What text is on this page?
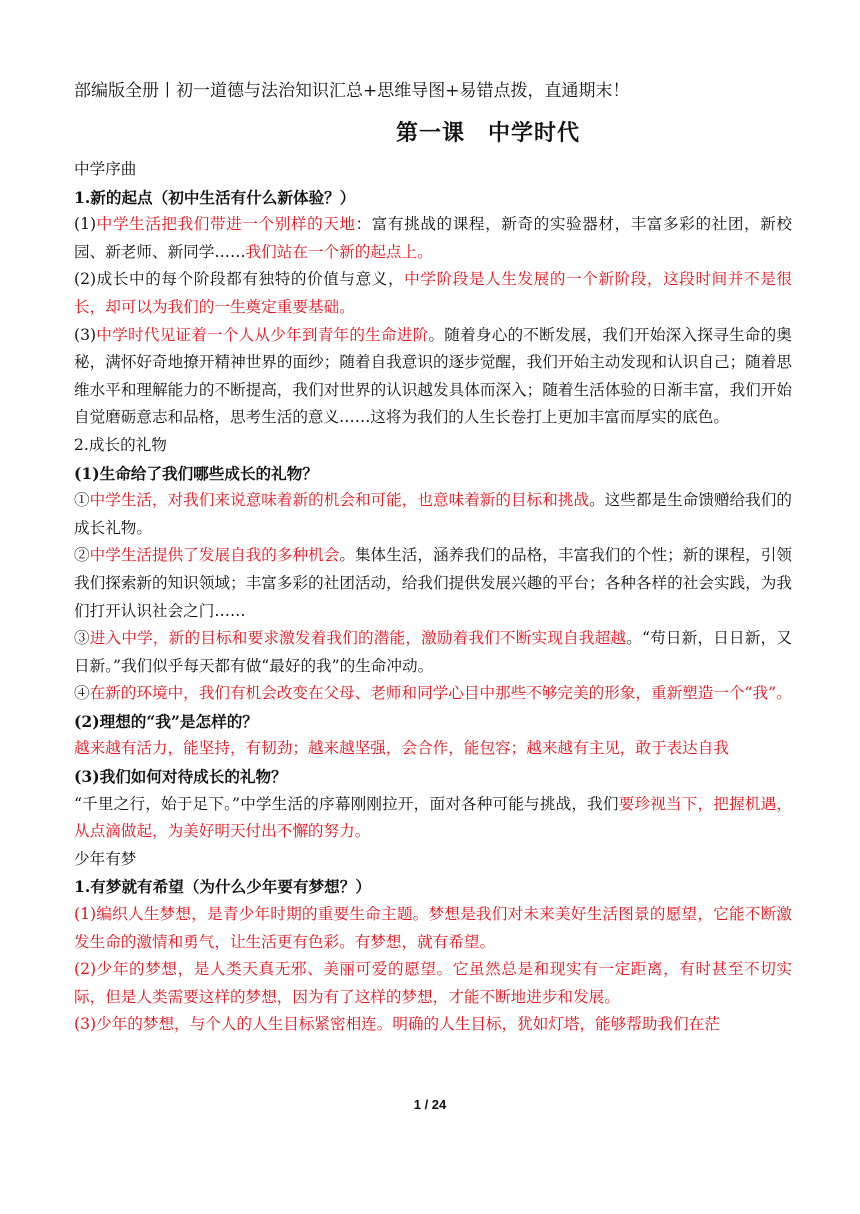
部编版全册丨初一道德与法治知识汇总+思维导图+易错点拨，直通期末！

第一课　中学时代

中学序曲

1.新的起点（初中生活有什么新体验？）

(1)中学生活把我们带进一个别样的天地：富有挑战的课程，新奇的实验器材，丰富多彩的社团，新校园、新老师、新同学……我们站在一个新的起点上。

(2)成长中的每个阶段都有独特的价值与意义，中学阶段是人生发展的一个新阶段，这段时间并不是很长，却可以为我们的一生奠定重要基础。

(3)中学时代见证着一个人从少年到青年的生命进阶。随着身心的不断发展，我们开始深入探寻生命的奥秘，满怀好奇地撩开精神世界的面纱；随着自我意识的逐步觉醒，我们开始主动发现和认识自己；随着思维水平和理解能力的不断提高，我们对世界的认识越发具体而深入；随着生活体验的日渐丰富，我们开始自觉磨砺意志和品格，思考生活的意义……这将为我们的人生长卷打上更加丰富而厚实的底色。

2.成长的礼物

(1)生命给了我们哪些成长的礼物？

①中学生活，对我们来说意味着新的机会和可能，也意味着新的目标和挑战。这些都是生命馈赠给我们的成长礼物。

②中学生活提供了发展自我的多种机会。集体生活，涵养我们的品格，丰富我们的个性；新的课程，引领我们探索新的知识领域；丰富多彩的社团活动，给我们提供发展兴趣的平台；各种各样的社会实践，为我们打开认识社会之门……

③进入中学，新的目标和要求激发着我们的潜能，激励着我们不断实现自我超越。“苟日新，日日新，又日新。”我们似乎每天都有做“最好的我”的生命冲动。

④在新的环境中，我们有机会改变在父母、老师和同学心目中那些不够完美的形象，重新塑造一个“我”。

(2)理想的“我”是怎样的？

越来越有活力，能坚持，有韧劲；越来越坚强，会合作，能包容；越来越有主见，敢于表达自我

(3)我们如何对待成长的礼物？

“千里之行，始于足下。”中学生活的序幕刚刚拉开，面对各种可能与挑战，我们要珍视当下，把握机遇，从点滴做起，为美好明天付出不懈的努力。

少年有梦

1.有梦就有希望（为什么少年要有梦想？）

(1)编织人生梦想，是青少年时期的重要生命主题。梦想是我们对未来美好生活图景的愿望，它能不断激发生命的激情和勇气，让生活更有色彩。有梦想，就有希望。

(2)少年的梦想，是人类天真无邪、美丽可爱的愿望。它虽然总是和现实有一定距离，有时甚至不切实际，但是人类需要这样的梦想，因为有了这样的梦想，才能不断地进步和发展。

(3)少年的梦想，与个人的人生目标紧密相连。明确的人生目标，犹如灯塔，能够帮助我们在茫

1 / 24
